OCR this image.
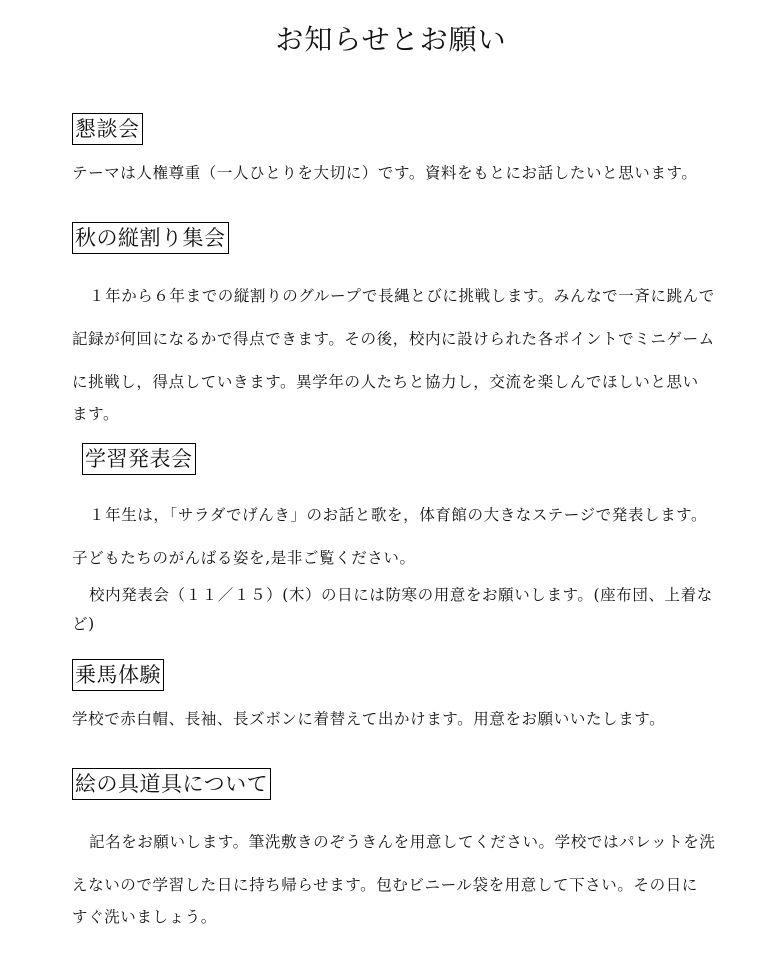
お知らせとお願い
懇談会
テーマは人権尊重（一人ひとりを大切に）です。資料をもとにお話したいと思います。
秋の縦割り集会
１年から６年までの縦割りのグループで長縄とびに挑戦します。みんなで一斉に跳んで
記録が何回になるかで得点できます。その後，校内に設けられた各ポイントでミニゲーム
に挑戦し，得点していきます。異学年の人たちと協力し，交流を楽しんでほしいと思い
ます。
学習発表会
１年生は，「サラダでげんき」のお話と歌を，体育館の大きなステージで発表します。
子どもたちのがんばる姿を,是非ご覧ください。
校内発表会（１１／１５）(木）の日には防寒の用意をお願いします。(座布団、上着な
ど)
乗馬体験
学校で赤白帽、長袖、長ズボンに着替えて出かけます。用意をお願いいたします。
絵の具道具について
記名をお願いします。筆洗敷きのぞうきんを用意してください。学校ではパレットを洗
えないので学習した日に持ち帰らせます。包むビニール袋を用意して下さい。その日に
すぐ洗いましょう。
